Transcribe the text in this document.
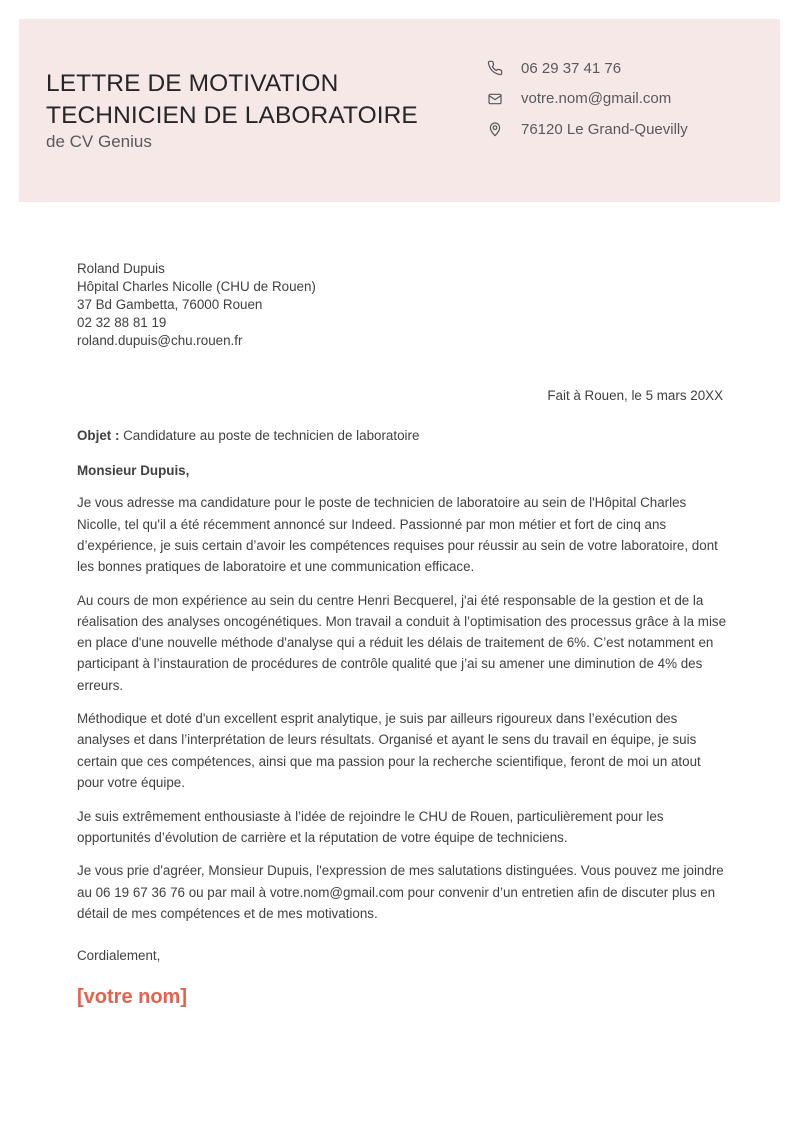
LETTRE DE MOTIVATION
TECHNICIEN DE LABORATOIRE
de CV Genius
06 29 37 41 76
votre.nom@gmail.com
76120 Le Grand-Quevilly
Roland Dupuis
Hôpital Charles Nicolle (CHU de Rouen)
37 Bd Gambetta, 76000 Rouen
02 32 88 81 19
roland.dupuis@chu.rouen.fr
Fait à Rouen, le 5 mars 20XX
Objet : Candidature au poste de technicien de laboratoire
Monsieur Dupuis,

Je vous adresse ma candidature pour le poste de technicien de laboratoire au sein de l'Hôpital Charles Nicolle, tel qu'il a été récemment annoncé sur Indeed. Passionné par mon métier et fort de cinq ans d’expérience, je suis certain d’avoir les compétences requises pour réussir au sein de votre laboratoire, dont les bonnes pratiques de laboratoire et une communication efficace.

Au cours de mon expérience au sein du centre Henri Becquerel, j'ai été responsable de la gestion et de la réalisation des analyses oncogénétiques. Mon travail a conduit à l’optimisation des processus grâce à la mise en place d'une nouvelle méthode d'analyse qui a réduit les délais de traitement de 6%. C’est notamment en participant à l’instauration de procédures de contrôle qualité que j’ai su amener une diminution de 4% des erreurs.

Méthodique et doté d'un excellent esprit analytique, je suis par ailleurs rigoureux dans l’exécution des analyses et dans l’interprétation de leurs résultats. Organisé et ayant le sens du travail en équipe, je suis certain que ces compétences, ainsi que ma passion pour la recherche scientifique, feront de moi un atout pour votre équipe.

Je suis extrêmement enthousiaste à l’idée de rejoindre le CHU de Rouen, particulièrement pour les opportunités d’évolution de carrière et la réputation de votre équipe de techniciens.

Je vous prie d'agréer, Monsieur Dupuis, l'expression de mes salutations distinguées. Vous pouvez me joindre au 06 19 67 36 76 ou par mail à votre.nom@gmail.com pour convenir d’un entretien afin de discuter plus en détail de mes compétences et de mes motivations.

Cordialement,
[votre nom]
